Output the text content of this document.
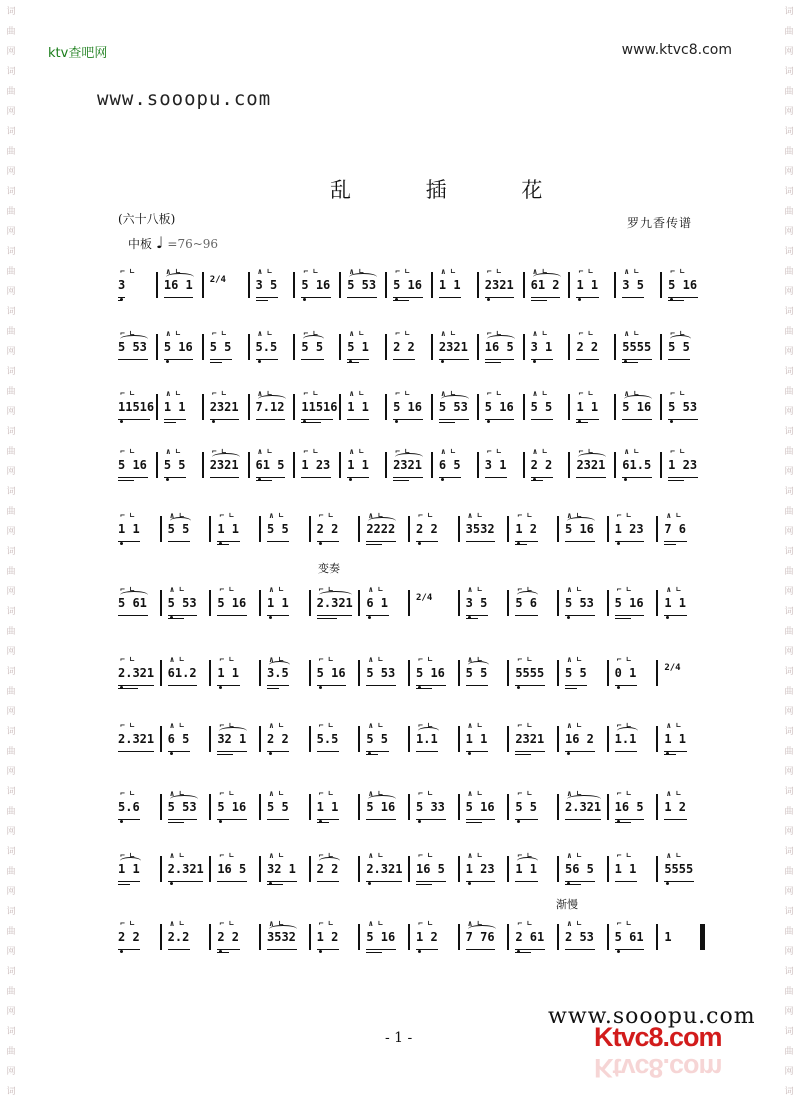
词
曲
网
词
曲
网
词
曲
网
词
曲
网
词
曲
网
词
曲
网
词
曲
网
词
曲
网
词
曲
网
词
曲
网
词
曲
网
词
曲
网
词
曲
网
词
曲
网
词
曲
网
词
曲
网
词
曲
网
词
曲
网
词
词
曲
网
词
曲
网
词
曲
网
词
曲
网
词
曲
网
词
曲
网
词
曲
网
词
曲
网
词
曲
网
词
曲
网
词
曲
网
词
曲
网
词
曲
网
词
曲
网
词
曲
网
词
曲
网
词
曲
网
词
曲
网
词
ktv查吧网	www.ktvc8.com
www.sooopu.com
乱 插 花
(六十八板)
中板 ♩ =76~96
罗九香传谱
3
⌐ ∟
16 1
∧ ∟
2/4	3 5
∧ ∟
5 16
⌐ ∟
5 53
∧ ∟
5 16
⌐ ∟
1 1
∧ ∟
2321
⌐ ∟
61 2
∧ ∟
1 1
⌐ ∟
3 5
∧ ∟
5 16
⌐ ∟
5 53
⌐ ∟
5 16
∧ ∟
5 5
⌐ ∟
5.5
∧ ∟
5 5
⌐ ∟
5 1
∧ ∟
2 2
⌐ ∟
2321
∧ ∟
16 5
⌐ ∟
3 1
∧ ∟
2 2
⌐ ∟
5555
∧ ∟
5 5
⌐ ∟
11516
⌐ ∟
1 1
∧ ∟
2321
⌐ ∟
7.12
∧ ∟
11516
⌐ ∟
1 1
∧ ∟
5 16
⌐ ∟
5 53
∧ ∟
5 16
⌐ ∟
5 5
∧ ∟
1 1
⌐ ∟
5 16
∧ ∟
5 53
⌐ ∟
5 16
⌐ ∟
5 5
∧ ∟
2321
⌐ ∟
61 5
∧ ∟
1 23
⌐ ∟
1 1
∧ ∟
2321
⌐ ∟
6 5
∧ ∟
3 1
⌐ ∟
2 2
∧ ∟
2321
⌐ ∟
61.5
∧ ∟
1 23
⌐ ∟
1 1
⌐ ∟
5 5
∧ ∟
1 1
⌐ ∟
5 5
∧ ∟
2 2
⌐ ∟
2222
∧ ∟
2 2
⌐ ∟
3532
∧ ∟
1 2
⌐ ∟
5 16
∧ ∟
1 23
⌐ ∟
7 6
∧ ∟
5 61
⌐ ∟
5 53
∧ ∟
5 16
⌐ ∟
1 1
∧ ∟
2.321
⌐ ∟
6 1
∧ ∟
2/4	3 5
∧ ∟
5 6
⌐ ∟
5 53
∧ ∟
5 16
⌐ ∟
1 1
∧ ∟
2.321
⌐ ∟
61.2
∧ ∟
1 1
⌐ ∟
3.5
∧ ∟
5 16
⌐ ∟
5 53
∧ ∟
5 16
⌐ ∟
5 5
∧ ∟
5555
⌐ ∟
5 5
∧ ∟
0 1
⌐ ∟
2/4
2.321
⌐ ∟
6 5
∧ ∟
32 1
⌐ ∟
2 2
∧ ∟
5.5
⌐ ∟
5 5
∧ ∟
1.1
⌐ ∟
1 1
∧ ∟
2321
⌐ ∟
16 2
∧ ∟
1.1
⌐ ∟
1 1
∧ ∟
5.6
⌐ ∟
5 53
∧ ∟
5 16
⌐ ∟
5 5
∧ ∟
1 1
⌐ ∟
5 16
∧ ∟
5 33
⌐ ∟
5 16
∧ ∟
5 5
⌐ ∟
2.321
∧ ∟
16 5
⌐ ∟
1 2
∧ ∟
1 1
⌐ ∟
2.321
∧ ∟
16 5
⌐ ∟
32 1
∧ ∟
2 2
⌐ ∟
2.321
∧ ∟
16 5
⌐ ∟
1 23
∧ ∟
1 1
⌐ ∟
56 5
∧ ∟
1 1
⌐ ∟
5555
∧ ∟
2 2
⌐ ∟
2.2
∧ ∟
2 2
⌐ ∟
3532
∧ ∟
1 2
⌐ ∟
5 16
∧ ∟
1 2
⌐ ∟
7 76
∧ ∟
2 61
⌐ ∟
2 53
∧ ∟
5 61
⌐ ∟
1
变奏
渐慢
www.sooopu.com
- 1 -	Ktvc8.com
Ktvc8.com
